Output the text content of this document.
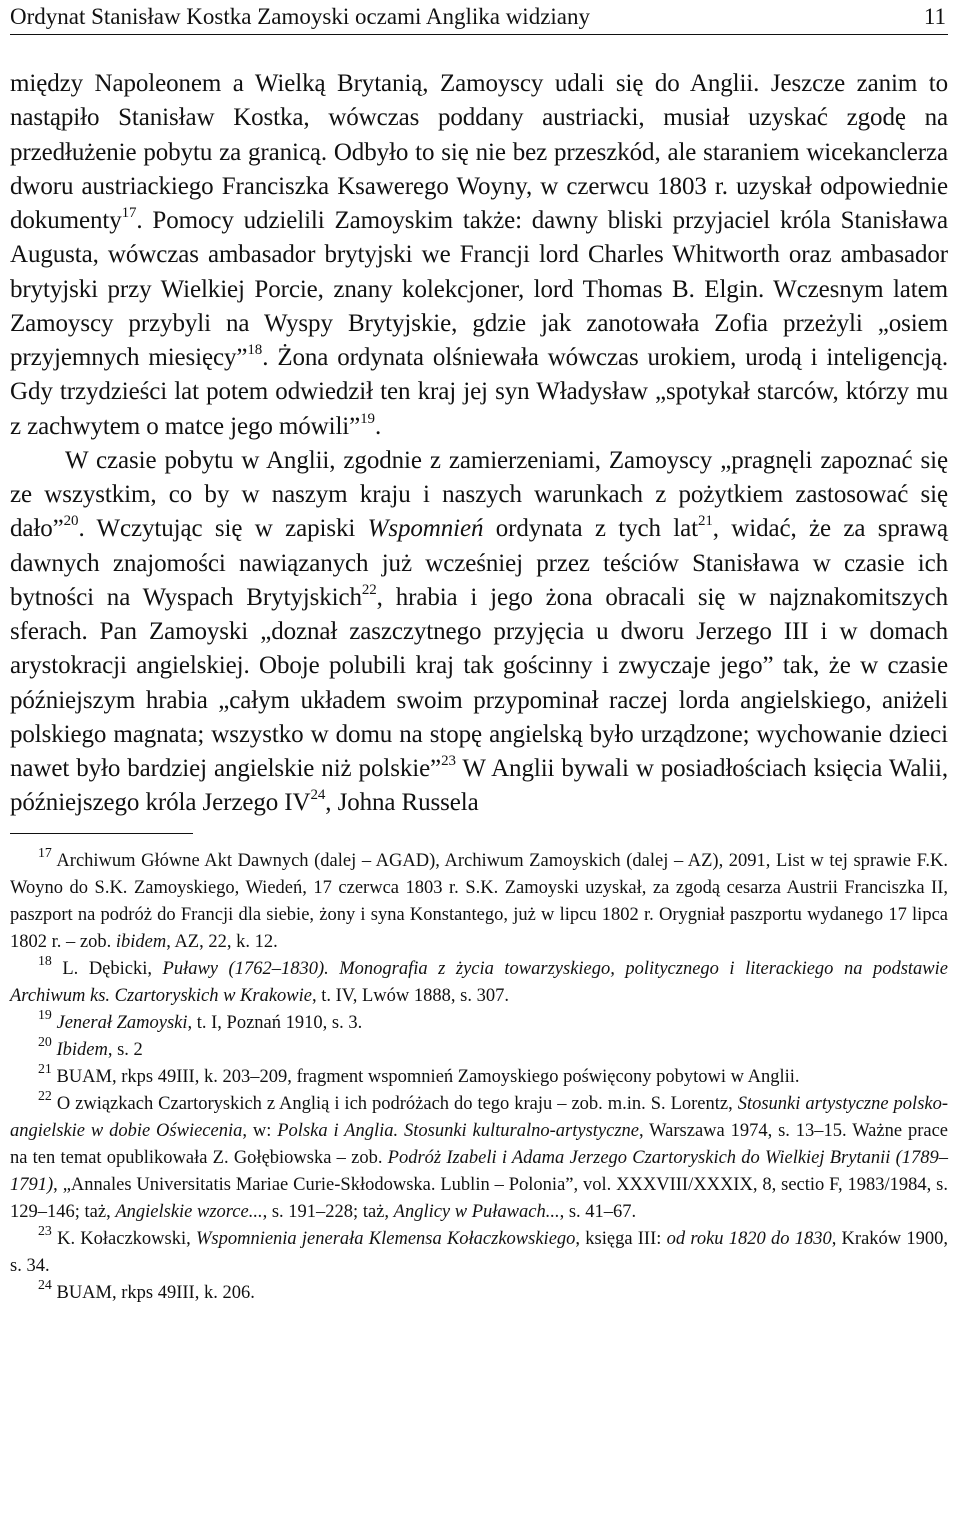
Ordynat Stanisław Kostka Zamoyski oczami Anglika widziany	11

między Napoleonem a Wielką Brytanią, Zamoyscy udali się do Anglii. Jeszcze zanim to nastąpiło Stanisław Kostka, wówczas poddany austriacki, musiał uzyskać zgodę na przedłużenie pobytu za granicą. Odbyło to się nie bez przeszkód, ale staraniem wicekanclerza dworu austriackiego Franciszka Ksawerego Woyny, w czerwcu 1803 r. uzyskał odpowiednie dokumenty$^{17}$. Pomocy udzielili Zamoyskim także: dawny bliski przyjaciel króla Stanisława Augusta, wówczas ambasador brytyjski we Francji lord Charles Whitworth oraz ambasador brytyjski przy Wielkiej Porcie, znany kolekcjoner, lord Thomas B. Elgin. Wczesnym latem Zamoyscy przybyli na Wyspy Brytyjskie, gdzie jak zanotowała Zofia przeżyli „osiem przyjemnych miesięcy”$^{18}$. Żona ordynata olśniewała wówczas urokiem, urodą i inteligencją. Gdy trzydzieści lat potem odwiedził ten kraj jej syn Władysław „spotykał starców, którzy mu z zachwytem o matce jego mówili”$^{19}$.

W czasie pobytu w Anglii, zgodnie z zamierzeniami, Zamoyscy „pragnęli zapoznać się ze wszystkim, co by w naszym kraju i naszych warunkach z pożytkiem zastosować się dało”$^{20}$. Wczytując się w zapiski Wspomnień ordynata z tych lat$^{21}$, widać, że za sprawą dawnych znajomości nawiązanych już wcześniej przez teściów Stanisława w czasie ich bytności na Wyspach Brytyjskich$^{22}$, hrabia i jego żona obracali się w najznakomitszych sferach. Pan Zamoyski „doznał zaszczytnego przyjęcia u dworu Jerzego III i w domach arystokracji angielskiej. Oboje polubili kraj tak gościnny i zwyczaje jego” tak, że w czasie późniejszym hrabia „całym układem swoim przypominał raczej lorda angielskiego, aniżeli polskiego magnata; wszystko w domu na stopę angielską było urządzone; wychowanie dzieci nawet było bardziej angielskie niż polskie”$^{23}$ W Anglii bywali w posiadłościach księcia Walii, późniejszego króla Jerzego IV$^{24}$, Johna Russela

$^{17}$ Archiwum Główne Akt Dawnych (dalej – AGAD), Archiwum Zamoyskich (dalej – AZ), 2091, List w tej sprawie F.K. Woyno do S.K. Zamoyskiego, Wiedeń, 17 czerwca 1803 r. S.K. Zamoyski uzyskał, za zgodą cesarza Austrii Franciszka II, paszport na podróż do Francji dla siebie, żony i syna Konstantego, już w lipcu 1802 r. Orygniał paszportu wydanego 17 lipca 1802 r. – zob. ibidem, AZ, 22, k. 12.

$^{18}$ L. Dębicki, Puławy (1762–1830). Monografia z życia towarzyskiego, politycznego i literackiego na podstawie Archiwum ks. Czartoryskich w Krakowie, t. IV, Lwów 1888, s. 307.

$^{19}$ Jenerał Zamoyski, t. I, Poznań 1910, s. 3.

$^{20}$ Ibidem, s. 2

$^{21}$ BUAM, rkps 49III, k. 203–209, fragment wspomnień Zamoyskiego poświęcony pobytowi w Anglii.

$^{22}$ O związkach Czartoryskich z Anglią i ich podróżach do tego kraju – zob. m.in. S. Lorentz, Stosunki artystyczne polsko-angielskie w dobie Oświecenia, w: Polska i Anglia. Stosunki kulturalno-artystyczne, Warszawa 1974, s. 13–15. Ważne prace na ten temat opublikowała Z. Gołębiowska – zob. Podróż Izabeli i Adama Jerzego Czartoryskich do Wielkiej Brytanii (1789–1791), „Annales Universitatis Mariae Curie-Skłodowska. Lublin – Polonia”, vol. XXXVIII/XXXIX, 8, sectio F, 1983/1984, s. 129–146; taż, Angielskie wzorce..., s. 191–228; taż, Anglicy w Puławach..., s. 41–67.

$^{23}$ K. Kołaczkowski, Wspomnienia jenerała Klemensa Kołaczkowskiego, księga III: od roku 1820 do 1830, Kraków 1900, s. 34.

$^{24}$ BUAM, rkps 49III, k. 206.
